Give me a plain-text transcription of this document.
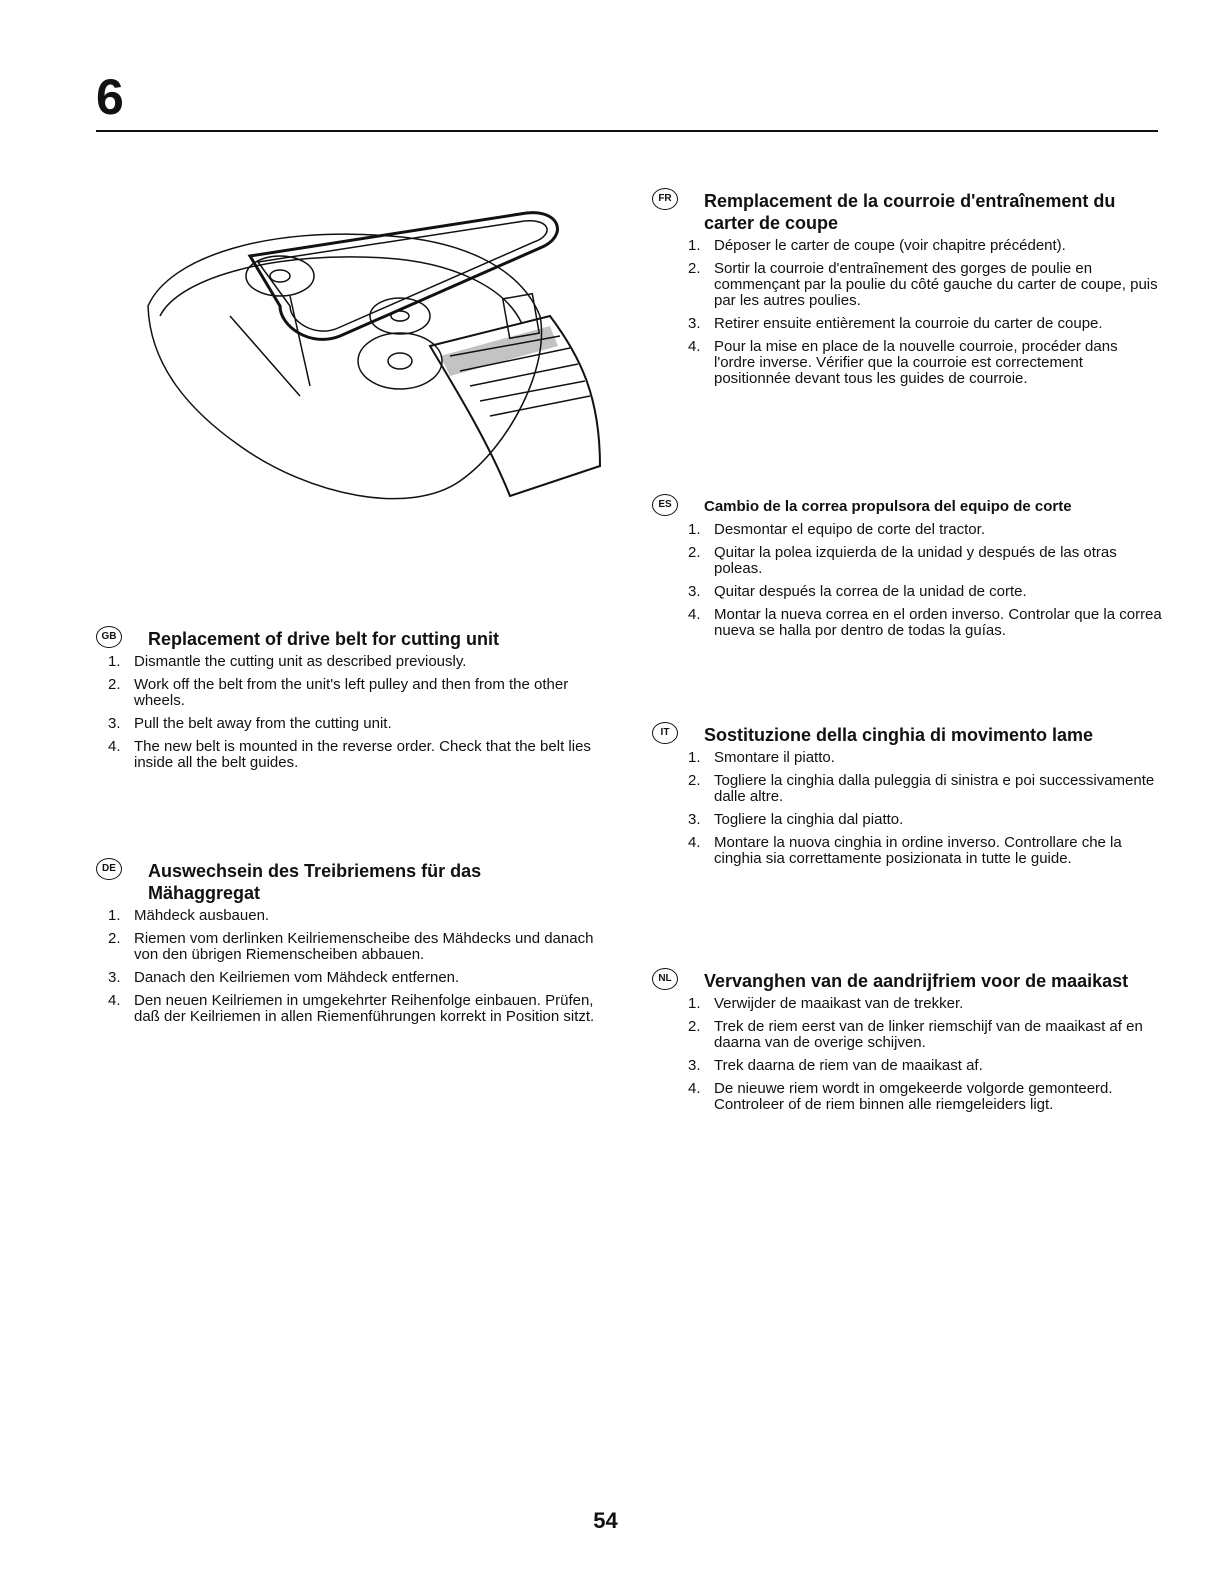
6
GB	Replacement of drive belt for cutting unit
1. Dismantle the cutting unit as described previously.
2. Work off the belt from the unit's left pulley and then from the other wheels.
3. Pull the belt away from the cutting unit.
4. The new belt is mounted in the reverse order. Check that the belt lies inside all the belt guides.
DE	Auswechsein des Treibriemens für das Mähaggregat
1. Mähdeck ausbauen.
2. Riemen vom derlinken Keilriemenscheibe des Mähdecks und danach von den übrigen Riemenscheiben abbauen.
3. Danach den Keilriemen vom Mähdeck entfernen.
4. Den neuen Keilriemen in umgekehrter Reihenfolge einbauen. Prüfen, daß der Keilriemen in allen Riemenführungen korrekt in Position sitzt.
FR	Remplacement de la courroie d'entraînement du carter de coupe
1. Déposer le carter de coupe (voir chapitre précédent).
2. Sortir la courroie d'entraînement des gorges de poulie en commençant par la poulie du côté gauche du carter de coupe, puis par les autres poulies.
3. Retirer ensuite entièrement la courroie du carter de coupe.
4. Pour la mise en place de la nouvelle courroie, procéder dans l'ordre inverse. Vérifier que la courroie est correctement positionnée devant tous les guides de courroie.
ES	Cambio de la correa propulsora del equipo de corte
1. Desmontar el equipo de corte del tractor.
2. Quitar la polea izquierda de la unidad y después de las otras poleas.
3. Quitar después la correa de la unidad de corte.
4. Montar la nueva correa en el orden inverso. Controlar que la correa nueva se halla por dentro de todas la guías.
IT	Sostituzione della cinghia di movimento lame
1. Smontare il piatto.
2. Togliere la cinghia dalla puleggia di sinistra e poi successivamente dalle altre.
3. Togliere la cinghia dal piatto.
4. Montare la nuova cinghia in ordine inverso. Controllare che la cinghia sia correttamente posizionata in tutte le guide.
NL	Vervanghen van de aandrijfriem voor de maaikast
1. Verwijder de maaikast van de trekker.
2. Trek de riem eerst van de linker riemschijf van de maaikast af en daarna van de overige schijven.
3. Trek daarna de riem van de maaikast af.
4. De nieuwe riem wordt in omgekeerde volgorde gemonteerd. Controleer of de riem binnen alle riemgeleiders ligt.
54
